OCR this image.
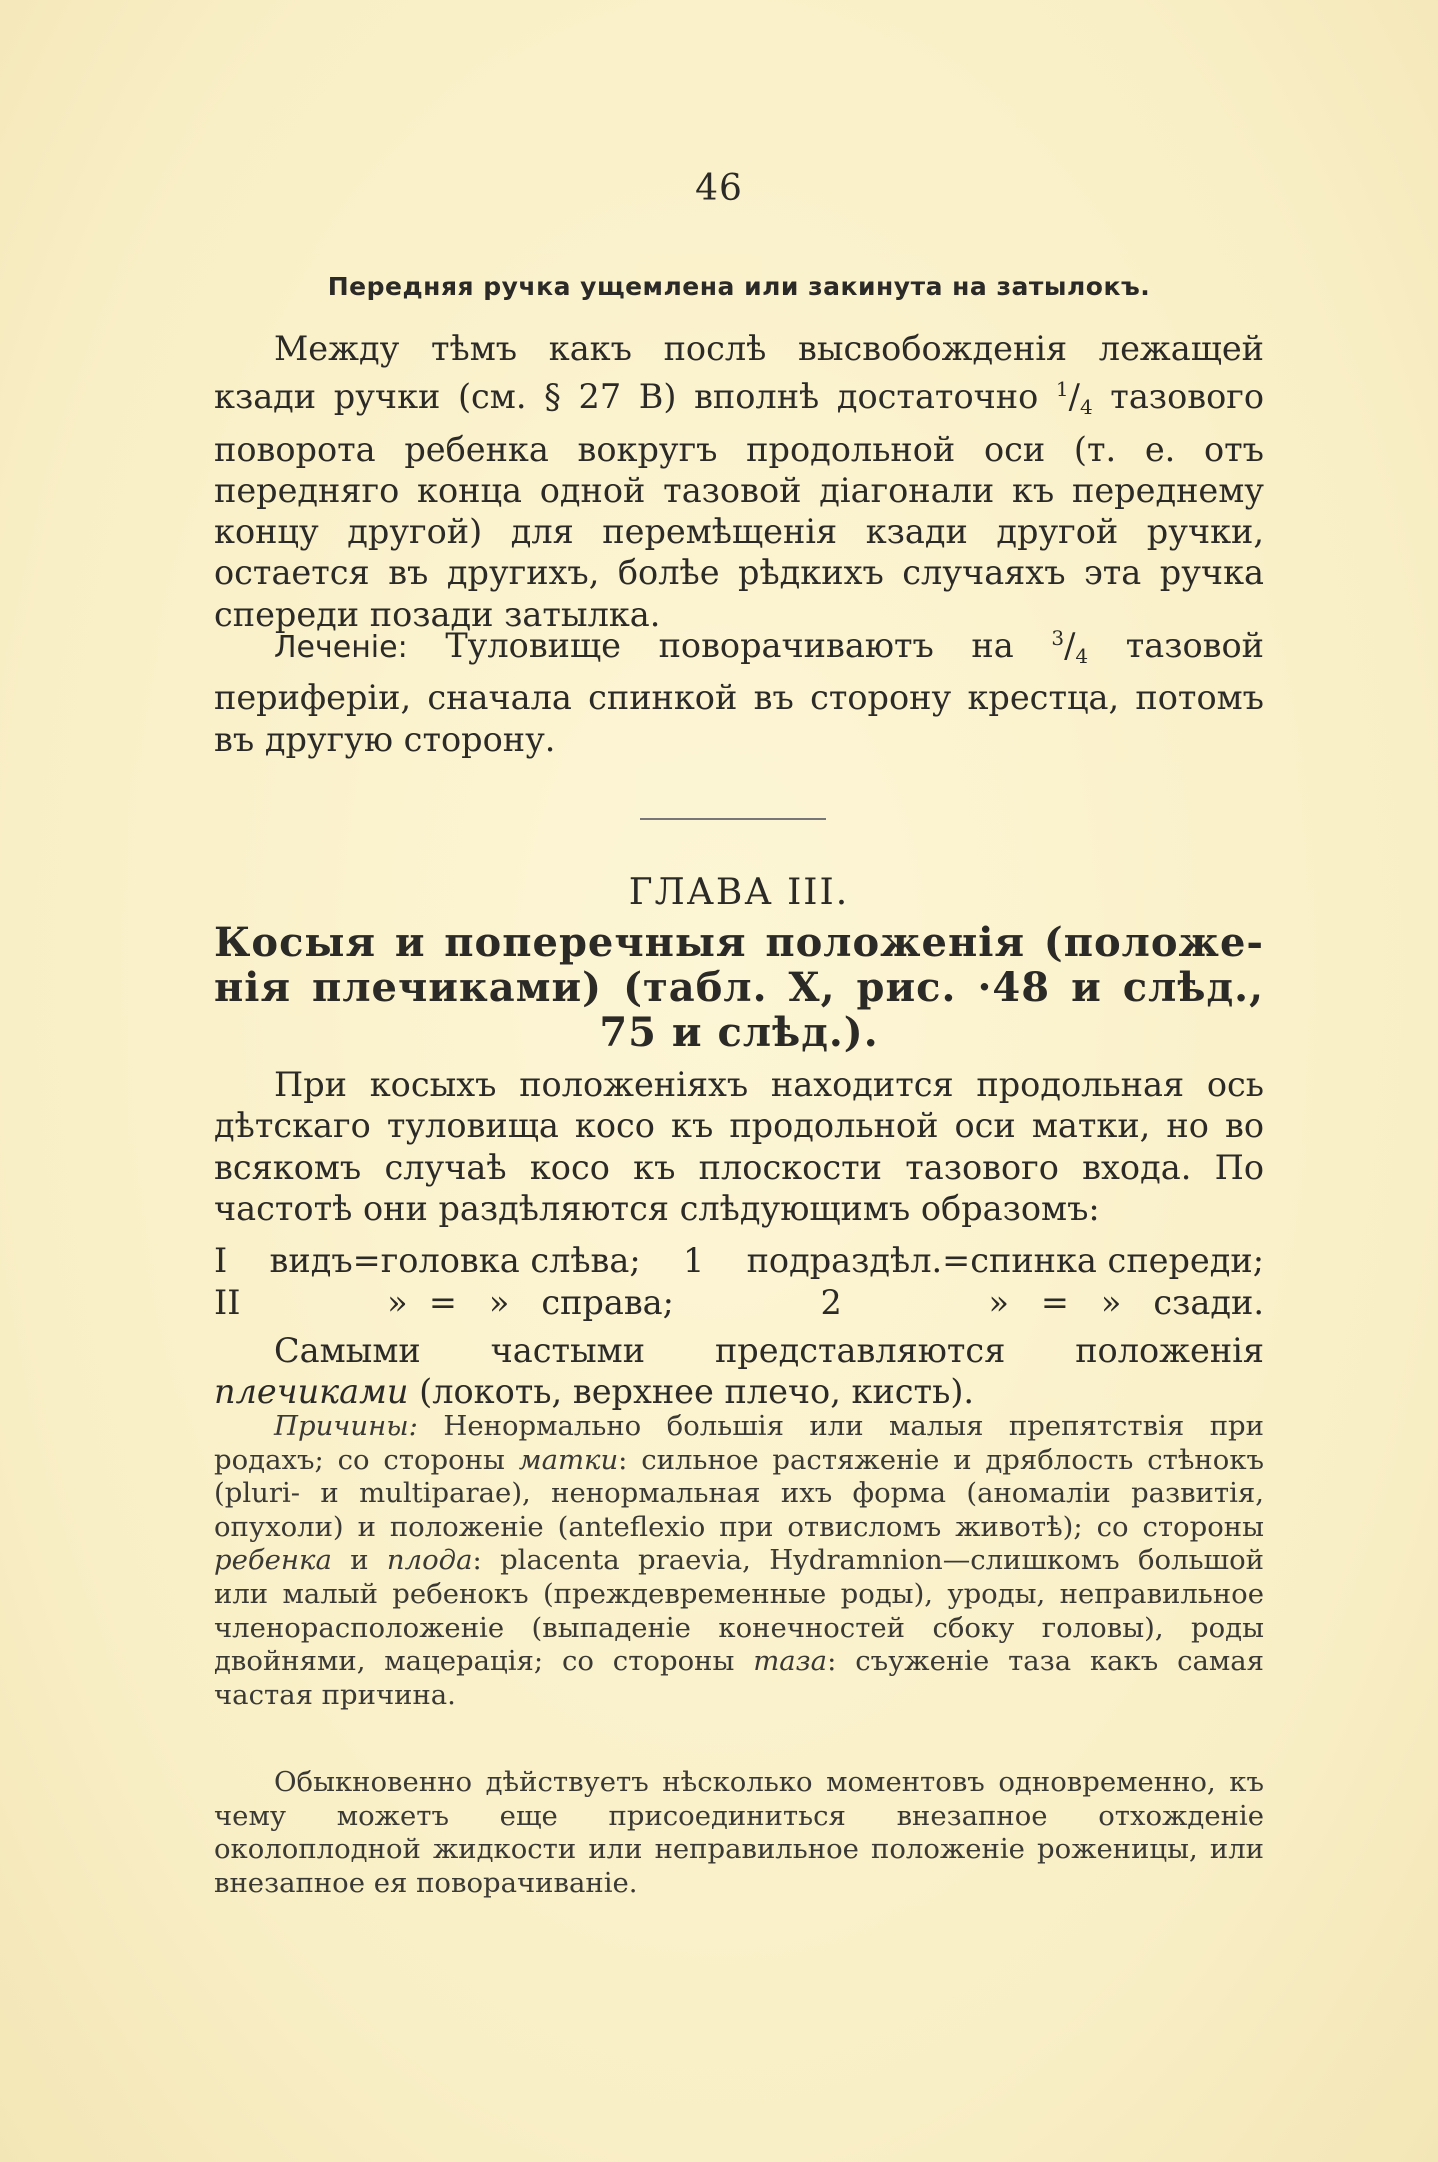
46
Передняя ручка ущемлена или закинута на затылокъ.

Между тѣмъ какъ послѣ высвобожденія лежащей кзади ручки (см. § 27 B) вполнѣ достаточно $^1/_4$ тазового поворота ребенка вокругъ продольной оси (т. е. отъ передняго конца одной тазовой діагонали къ переднему концу другой) для перемѣщенія кзади другой ручки, остается въ другихъ, болѣе рѣдкихъ случаяхъ эта ручка спереди позади затылка.

Леченіе: Туловище поворачиваютъ на $^3/_4$ тазовой периферіи, сначала спинкой въ сторону крестца, потомъ въ другую сторону.

ГЛАВА III.
Косыя и поперечныя положенія (положе-
нія плечиками) (табл. X, рис. ·48 и слѣд.,
75 и слѣд.).

При косыхъ положеніяхъ находится продольная ось дѣтскаго туловища косо къ продольной оси матки, но во всякомъ случаѣ косо къ плоскости тазового входа. По частотѣ они раздѣляются слѣдующимъ образомъ:

I видъ=головка слѣва; 1 подраздѣл.=спинка спереди;
II	»  =   »   справа;	2	»   =   »   сзади.

Самыми частыми представляются положенія плечиками (локоть, верхнее плечо, кисть).

Причины: Ненормально большія или малыя препятствія при родахъ; со стороны матки: сильное растяженіе и дряблость стѣнокъ (pluri- и multiparae), ненормальная ихъ форма (аномаліи развитія, опухоли) и положеніе (anteflexio при отвисломъ животѣ); со стороны ребенка и плода: placenta praevia, Hydramnion—слишкомъ большой или малый ребенокъ (преждевременные роды), уроды, неправильное членорасположеніе (выпаденіе конечностей сбоку головы), роды двойнями, мацерація; со стороны таза: съуженіе таза какъ самая частая причина.

Обыкновенно дѣйствуетъ нѣсколько моментовъ одновременно, къ чему можетъ еще присоединиться внезапное отхожденіе околоплодной жидкости или неправильное положеніе роженицы, или внезапное ея поворачиваніе.
